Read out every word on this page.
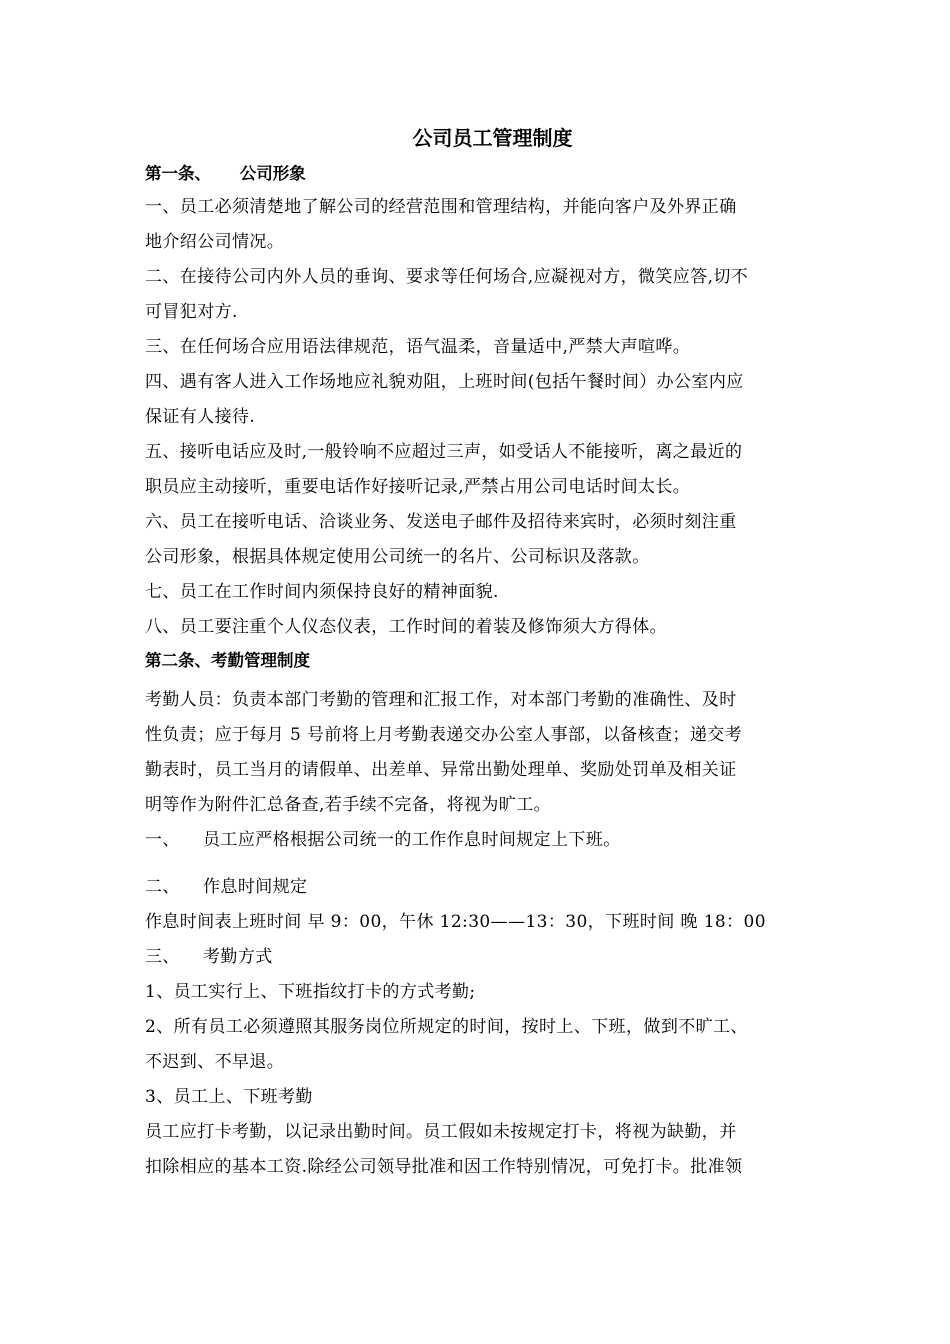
公司员工管理制度
第一条、     公司形象
一、员工必须清楚地了解公司的经营范围和管理结构，并能向客户及外界正确
地介绍公司情况。
二、在接待公司内外人员的垂询、要求等任何场合,应凝视对方，微笑应答,切不
可冒犯对方.
三、在任何场合应用语法律规范，语气温柔，音量适中,严禁大声喧哗。
四、遇有客人进入工作场地应礼貌劝阻，上班时间(包括午餐时间）办公室内应
保证有人接待.
五、接听电话应及时,一般铃响不应超过三声，如受话人不能接听，离之最近的
职员应主动接听，重要电话作好接听记录,严禁占用公司电话时间太长。
六、员工在接听电话、洽谈业务、发送电子邮件及招待来宾时，必须时刻注重
公司形象，根据具体规定使用公司统一的名片、公司标识及落款。
七、员工在工作时间内须保持良好的精神面貌.
八、员工要注重个人仪态仪表，工作时间的着装及修饰须大方得体。
第二条、考勤管理制度
考勤人员：负责本部门考勤的管理和汇报工作，对本部门考勤的准确性、及时
性负责；应于每月 5 号前将上月考勤表递交办公室人事部，以备核查；递交考
勤表时，员工当月的请假单、出差单、异常出勤处理单、奖励处罚单及相关证
明等作为附件汇总备查,若手续不完备，将视为旷工。
一、    员工应严格根据公司统一的工作作息时间规定上下班。
二、    作息时间规定
作息时间表上班时间 早 9：00，午休 12:30——13：30，下班时间 晚 18：00
三、    考勤方式
1、员工实行上、下班指纹打卡的方式考勤;
2、所有员工必须遵照其服务岗位所规定的时间，按时上、下班，做到不旷工、
不迟到、不早退。
3、员工上、下班考勤
员工应打卡考勤，以记录出勤时间。员工假如未按规定打卡，将视为缺勤，并
扣除相应的基本工资.除经公司领导批准和因工作特别情况，可免打卡。批准领
